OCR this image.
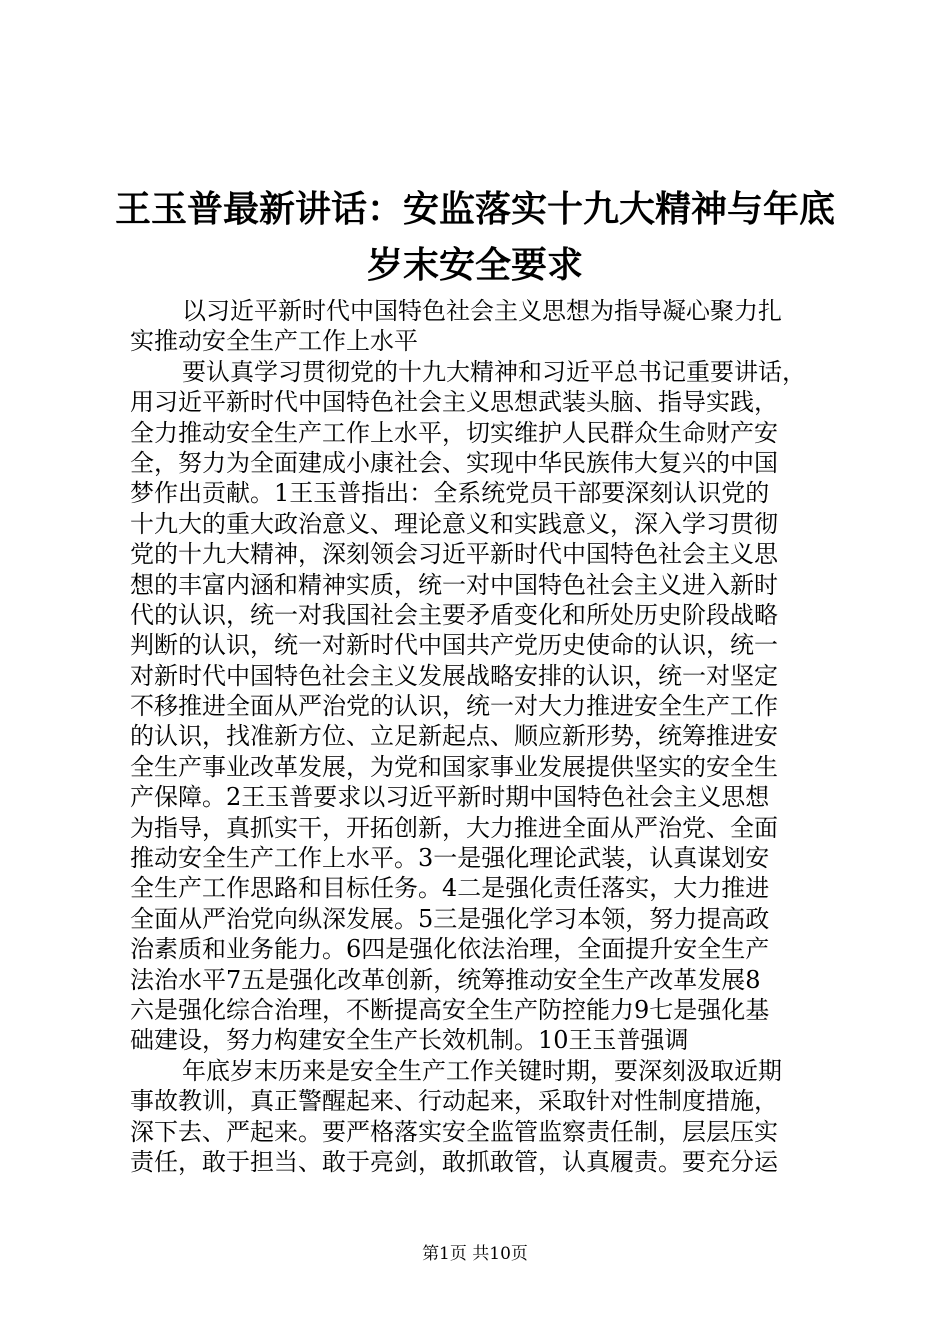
王玉普最新讲话：安监落实十九大精神与年底
岁末安全要求
以习近平新时代中国特色社会主义思想为指导凝心聚力扎
实推动安全生产工作上水平
要认真学习贯彻党的十九大精神和习近平总书记重要讲话，
用习近平新时代中国特色社会主义思想武装头脑、指导实践，
全力推动安全生产工作上水平，切实维护人民群众生命财产安
全，努力为全面建成小康社会、实现中华民族伟大复兴的中国
梦作出贡献。1王玉普指出：全系统党员干部要深刻认识党的
十九大的重大政治意义、理论意义和实践意义，深入学习贯彻
党的十九大精神，深刻领会习近平新时代中国特色社会主义思
想的丰富内涵和精神实质，统一对中国特色社会主义进入新时
代的认识，统一对我国社会主要矛盾变化和所处历史阶段战略
判断的认识，统一对新时代中国共产党历史使命的认识，统一
对新时代中国特色社会主义发展战略安排的认识，统一对坚定
不移推进全面从严治党的认识，统一对大力推进安全生产工作
的认识，找准新方位、立足新起点、顺应新形势，统筹推进安
全生产事业改革发展，为党和国家事业发展提供坚实的安全生
产保障。2王玉普要求以习近平新时期中国特色社会主义思想
为指导，真抓实干，开拓创新，大力推进全面从严治党、全面
推动安全生产工作上水平。3一是强化理论武装，认真谋划安
全生产工作思路和目标任务。4二是强化责任落实，大力推进
全面从严治党向纵深发展。5三是强化学习本领，努力提高政
治素质和业务能力。6四是强化依法治理，全面提升安全生产
法治水平7五是强化改革创新，统筹推动安全生产改革发展8
六是强化综合治理，不断提高安全生产防控能力9七是强化基
础建设，努力构建安全生产长效机制。10王玉普强调
年底岁末历来是安全生产工作关键时期，要深刻汲取近期
事故教训，真正警醒起来、行动起来，采取针对性制度措施，
深下去、严起来。要严格落实安全监管监察责任制，层层压实
责任，敢于担当、敢于亮剑，敢抓敢管，认真履责。要充分运
第1页 共10页
